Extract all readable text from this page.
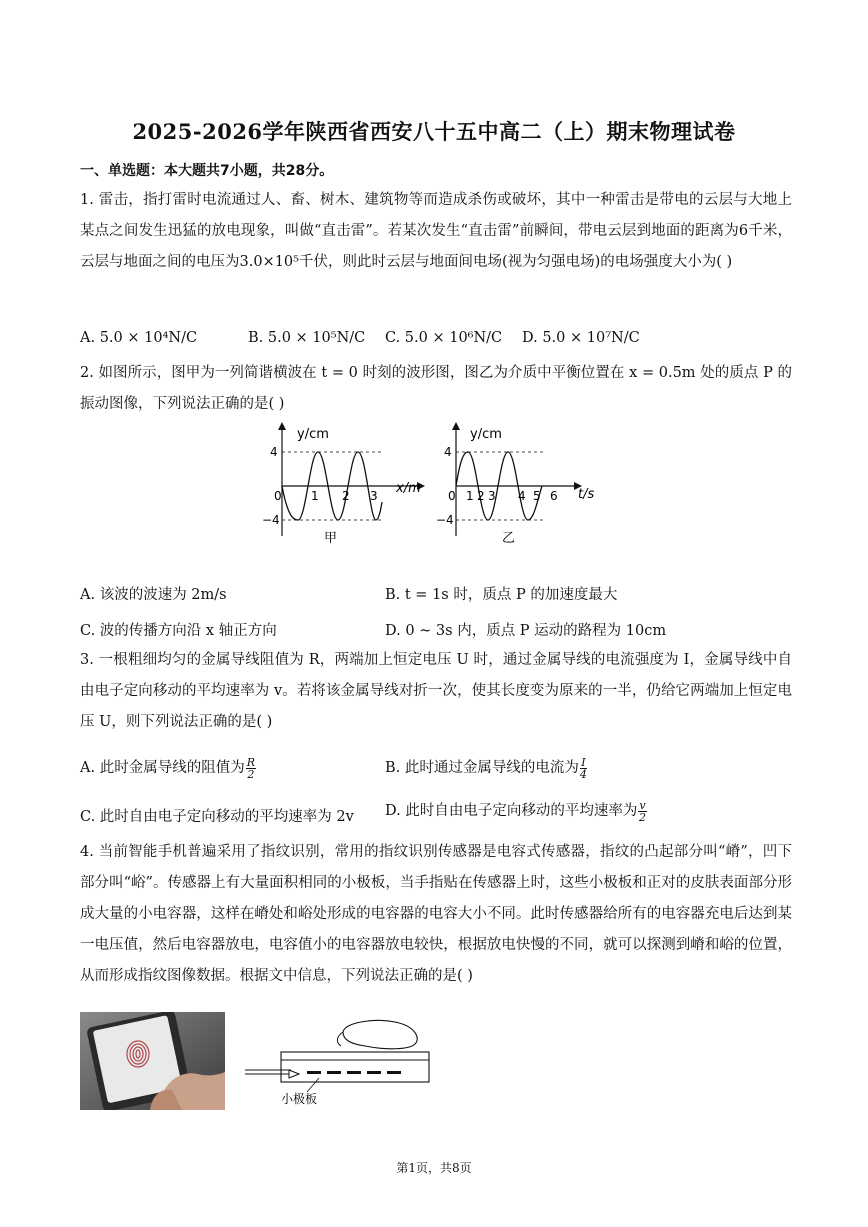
2025-2026学年陕西省西安八十五中高二（上）期末物理试卷
一、单选题：本大题共7小题，共28分。

1. 雷击，指打雷时电流通过人、畜、树木、建筑物等而造成杀伤或破坏，其中一种雷击是带电的云层与大地上某点之间发生迅猛的放电现象，叫做“直击雷”。若某次发生“直击雷”前瞬间，带电云层到地面的距离为6千米，云层与地面之间的电压为3.0×10⁵千伏，则此时云层与地面间电场(视为匀强电场)的电场强度大小为( )

A. 5.0 × 10⁴N/C	B. 5.0 × 10⁵N/C C. 5.0 × 10⁶N/C D. 5.0 × 10⁷N/C

2. 如图所示，图甲为一列简谐横波在 t = 0 时刻的波形图，图乙为介质中平衡位置在 x = 0.5m 处的质点 P 的振动图像，下列说法正确的是( )

y/cm
4
0
−4
1 2 3 x/m
甲
y/cm
4
0
−4
1 2 3 4 5 6 t/s
乙
A. 该波的波速为 2m/s	B. t = 1s 时，质点 P 的加速度最大
C. 波的传播方向沿 x 轴正方向	D. 0 ~ 3s 内，质点 P 运动的路程为 10cm

3. 一根粗细均匀的金属导线阻值为 R，两端加上恒定电压 U 时，通过金属导线的电流强度为 I，金属导线中自由电子定向移动的平均速率为 v。若将该金属导线对折一次，使其长度变为原来的一半，仍给它两端加上恒定电压 U，则下列说法正确的是( )

A. 此时金属导线的阻值为 $\frac{R}{2}$	B. 此时通过金属导线的电流为 $\frac{I}{4}$
C. 此时自由电子定向移动的平均速率为 2v D. 此时自由电子定向移动的平均速率为 $\frac{v}{2}$

4. 当前智能手机普遍采用了指纹识别，常用的指纹识别传感器是电容式传感器，指纹的凸起部分叫“嵴”，凹下部分叫“峪”。传感器上有大量面积相同的小极板，当手指贴在传感器上时，这些小极板和正对的皮肤表面部分形成大量的小电容器，这样在嵴处和峪处形成的电容器的电容大小不同。此时传感器给所有的电容器充电后达到某一电压值，然后电容器放电，电容值小的电容器放电较快，根据放电快慢的不同，就可以探测到嵴和峪的位置，从而形成指纹图像数据。根据文中信息，下列说法正确的是( )

小极板
第1页，共8页
